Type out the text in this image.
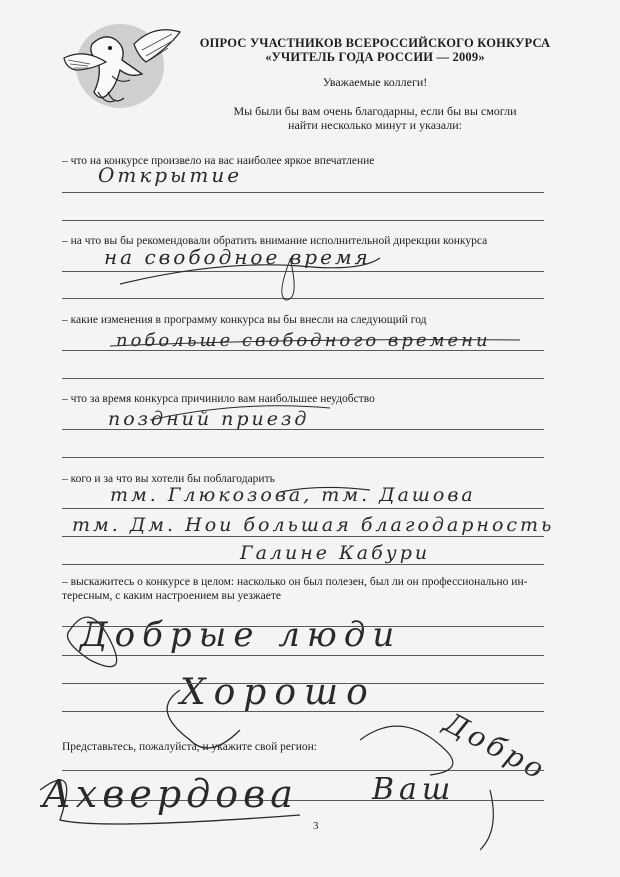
ОПРОС УЧАСТНИКОВ ВСЕРОССИЙСКОГО КОНКУРСА
«УЧИТЕЛЬ ГОДА РОССИИ — 2009»
Уважаемые коллеги!
Мы были бы вам очень благодарны, если бы вы смогли
найти несколько минут и указали:
– что на конкурсе произвело на вас наиболее яркое впечатление
Открытие
– на что вы бы рекомендовали обратить внимание исполнительной дирекции конкурса
на свободное время
– какие изменения в программу конкурса вы бы внесли на следующий год
побольше свободного времени
– что за время конкурса причинило вам наибольшее неудобство
поздний приезд
– кого и за что вы хотели бы поблагодарить
тм. Глюкозова, тм. Дашова
тм. Дм. Нои большая благодарность
Галине Кабури
– выскажитесь о конкурсе в целом: насколько он был полезен, был ли он профессионально ин-
тересным, с каким настроением вы уезжаете
Добрые люди
Хорошо
Добро
Представьтесь, пожалуйста, и укажите свой регион:
Ахвердова Ваш
3
